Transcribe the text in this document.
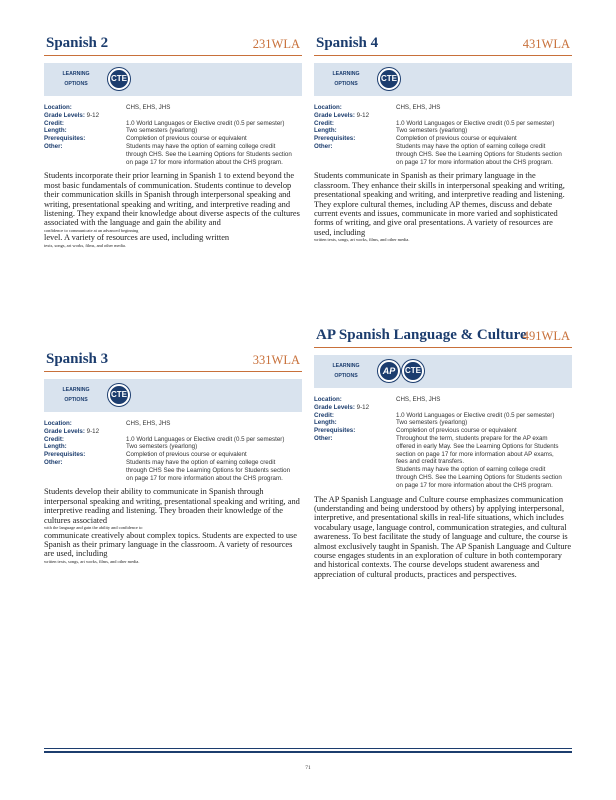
Spanish 2	231WLA
LEARNING OPTIONS
CTE
Location:	CHS, EHS, JHS
Grade Levels: 9-12
Credit:	1.0 World Languages or Elective credit (0.5 per semester)
Length:	Two semesters (yearlong)
Prerequisites:	Completion of previous course or equivalent
Other:	Students may have the option of earning college credit through CHS. See the Learning Options for Students section on page 17 for more information about the CHS program.
Students incorporate their prior learning in Spanish 1 to extend beyond the most basic fundamentals of communication. Students continue to develop their communication skills in Spanish through interpersonal speaking and writing, presentational speaking and writing, and interpretive reading and listening. They expand their knowledge about diverse aspects of the cultures associated with the language and gain the ability and
confidence to communicate at an advanced beginning
level. A variety of resources are used, including written
texts, songs, art works, films, and other media.
Spanish 3	331WLA
LEARNING OPTIONS
CTE
Location:	CHS, EHS, JHS
Grade Levels: 9-12
Credit:	1.0 World Languages or Elective credit (0.5 per semester)
Length:	Two semesters (yearlong)
Prerequisites:	Completion of previous course or equivalent
Other:	Students may have the option of earning college credit through CHS See the Learning Options for Students section on page 17 for more information about the CHS program.
Students develop their ability to communicate in Spanish through interpersonal speaking and writing, presentational speaking and writing, and interpretive reading and listening. They broaden their knowledge of the cultures associated
with the language and gain the ability and confidence to
communicate creatively about complex topics. Students are expected to use Spanish as their primary language in the classroom. A variety of resources are used, including
written texts, songs, art works, films, and other media.
Spanish 4	431WLA
LEARNING OPTIONS
CTE
Location:	CHS, EHS, JHS
Grade Levels: 9-12
Credit:	1.0 World Languages or Elective credit (0.5 per semester)
Length:	Two semesters (yearlong)
Prerequisites:	Completion of previous course or equivalent
Other:	Students may have the option of earning college credit through CHS. See the Learning Options for Students section on page 17 for more information about the CHS program.
Students communicate in Spanish as their primary language in the classroom. They enhance their skills in interpersonal speaking and writing, presentational speaking and writing, and interpretive reading and listening. They explore cultural themes, including AP themes, discuss and debate current events and issues, communicate in more varied and sophisticated forms of writing, and give oral presentations. A variety of resources are used, including
written texts, songs, art works, films, and other media.
AP Spanish Language & Culture
491WLA
LEARNING OPTIONS	AP	CTE
Location:	CHS, EHS, JHS
Grade Levels: 9-12
Credit:	1.0 World Languages or Elective credit (0.5 per semester)
Length:	Two semesters (yearlong)
Prerequisites:	Completion of previous course or equivalent
Other:	Throughout the term, students prepare for the AP exam offered in early May. See the Learning Options for Students section on page 17 for more information about AP exams, fees and credit transfers.
Students may have the option of earning college credit through CHS. See the Learning Options for Students section on page 17 for more information about the CHS program.
The AP Spanish Language and Culture course emphasizes communication (understanding and being understood by others) by applying interpersonal, interpretive, and presentational skills in real-life situations, which includes vocabulary usage, language control, communication strategies, and cultural awareness. To best facilitate the study of language and culture, the course is almost exclusively taught in Spanish. The AP Spanish Language and Culture course engages students in an exploration of culture in both contemporary and historical contexts. The course develops student awareness and appreciation of cultural products, practices and perspectives.
71
